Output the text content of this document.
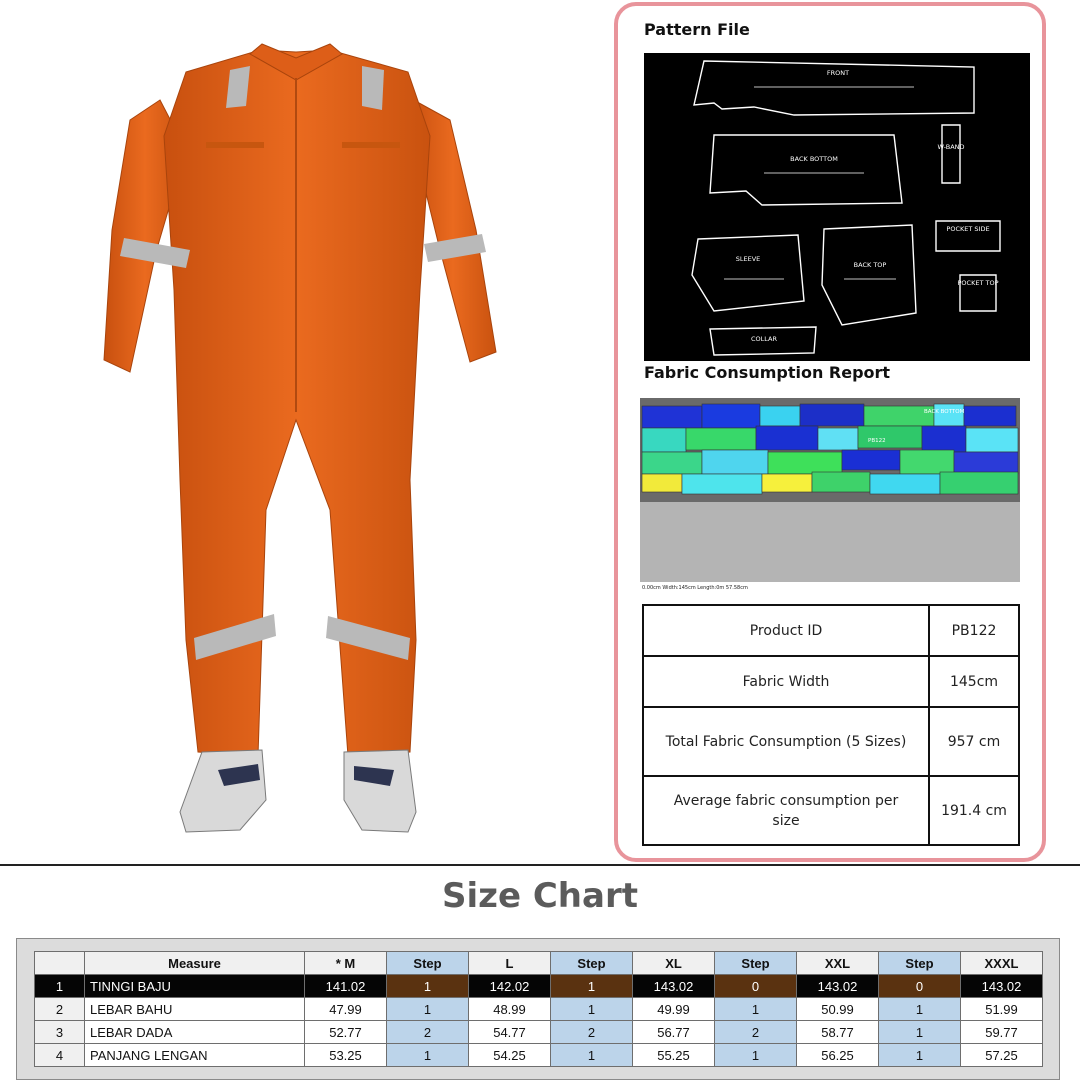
Pattern File
FRONT
BACK BOTTOM
W-BAND
SLEEVE
BACK TOP
POCKET SIDE
POCKET TOP
COLLAR
Fabric Consumption Report
BACK BOTTOM
PB122
0.00cm Width:145cm Length:0m 57.58cm
Product ID	PB122
Fabric Width	145cm
Total Fabric Consumption (5 Sizes)	957 cm
Average fabric consumption per size	191.4 cm
Size Chart
	Measure	* M	Step	L	Step	XL	Step	XXL	Step	XXXL
1	TINNGI BAJU	141.02	1	142.02	1	143.02	0	143.02	0	143.02
2	LEBAR BAHU	47.99	1	48.99	1	49.99	1	50.99	1	51.99
3	LEBAR DADA	52.77	2	54.77	2	56.77	2	58.77	1	59.77
4	PANJANG LENGAN	53.25	1	54.25	1	55.25	1	56.25	1	57.25
